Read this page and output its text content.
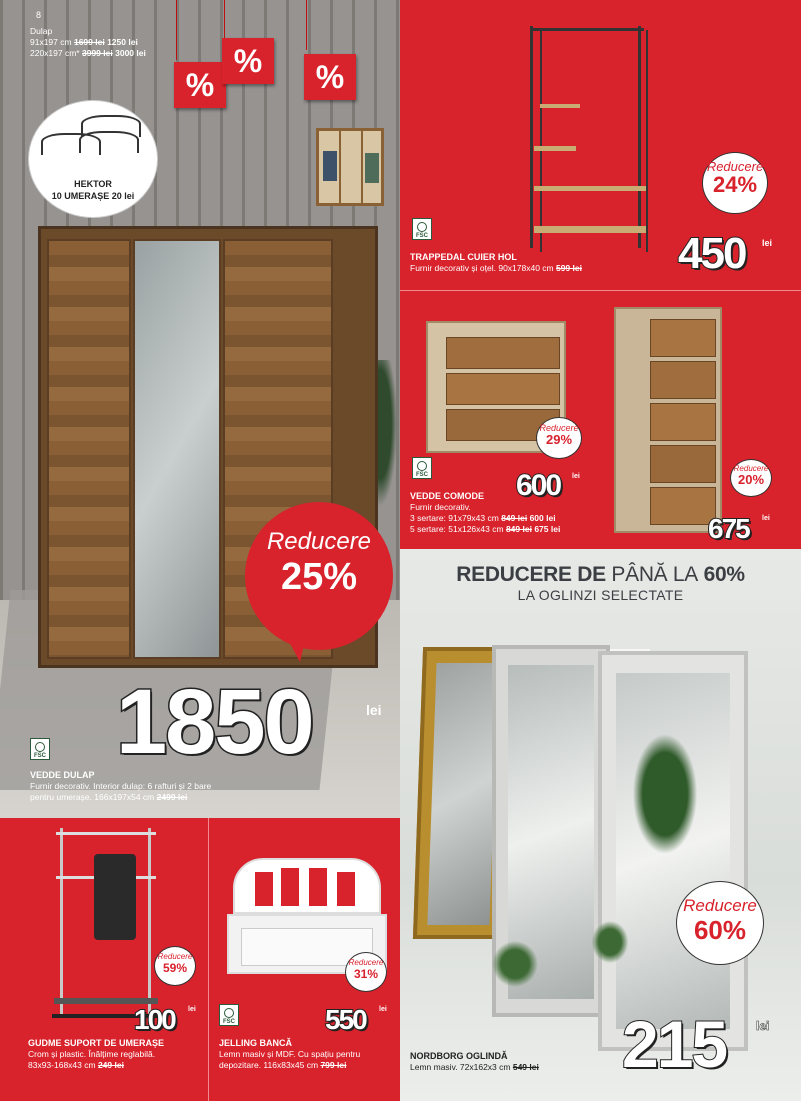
8
Dulap
91x197 cm 1699 lei 1250 lei
220x197 cm* 3999 lei 3000 lei
%
%	%
HEKTOR
10 UMERAȘE 20 lei
Reducere
25%
1850	lei
FSC
VEDDE DULAP
Furnir decorativ. Interior dulap: 6 rafturi și 2 bare
pentru umerașe. 166x197x54 cm 2499 lei
Reducere
24%
450 lei
FSC
TRAPPEDAL CUIER HOL
Furnir decorativ și oțel. 90x178x40 cm 599 lei
Reducere
29%
600 lei
Reducere
20%
675 lei
FSC
VEDDE COMODE
Furnir decorativ.
3 sertare: 91x79x43 cm 849 lei 600 lei
5 sertare: 51x126x43 cm 849 lei 675 lei
REDUCERE DE PÂNĂ LA 60%
LA OGLINZI SELECTATE
Reducere
60%
215 lei
NORDBORG OGLINDĂ
Lemn masiv. 72x162x3 cm 549 lei
Reducere
59%
100 lei
GUDME SUPORT DE UMERAȘE
Crom și plastic. Înălțime reglabilă.
83x93-168x43 cm 249 lei
Reducere
31%
550 lei
FSC
JELLING BANCĂ
Lemn masiv și MDF. Cu spațiu pentru
depozitare. 116x83x45 cm 799 lei
